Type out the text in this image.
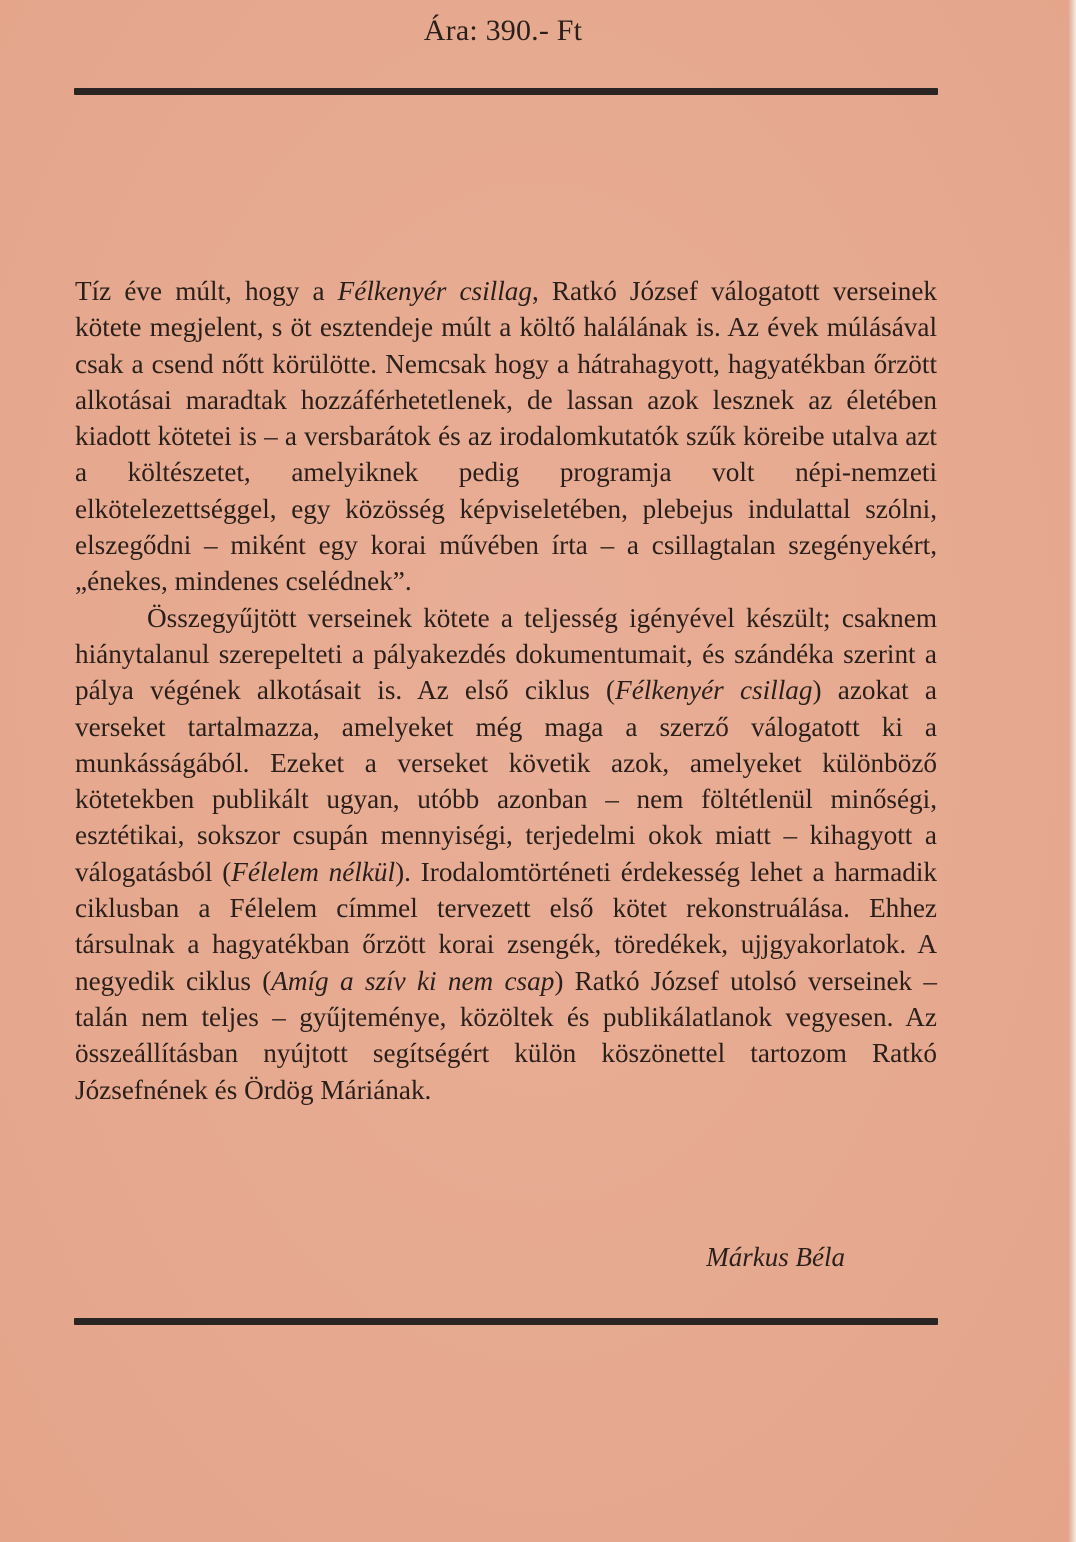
Ára: 390.- Ft

Tíz éve múlt, hogy a Félkenyér csillag, Ratkó József válogatott verseinek kötete megjelent, s öt esztendeje múlt a költő halálának is. Az évek múlásával csak a csend nőtt körülötte. Nemcsak hogy a hátrahagyott, hagyatékban őrzött alkotásai maradtak hozzáférhetetlenek, de lassan azok lesznek az életében kiadott kötetei is – a versbarátok és az irodalomkutatók szűk köreibe utalva azt a költészetet, amelyiknek pedig programja volt népi-nemzeti elkötelezettséggel, egy közösség képviseletében, plebejus indulattal szólni, elszegődni – miként egy korai művében írta – a csillagtalan szegényekért, „énekes, mindenes cselédnek”.

Összegyűjtött verseinek kötete a teljesség igényével készült; csaknem hiánytalanul szerepelteti a pályakezdés dokumentumait, és szándéka szerint a pálya végének alkotásait is. Az első ciklus (Félkenyér csillag) azokat a verseket tartalmazza, amelyeket még maga a szerző válogatott ki a munkásságából. Ezeket a verseket követik azok, amelyeket különböző kötetekben publikált ugyan, utóbb azonban – nem föltétlenül minőségi, esztétikai, sokszor csupán mennyiségi, terjedelmi okok miatt – kihagyott a válogatásból (Félelem nélkül). Irodalomtörténeti érdekesség lehet a harmadik ciklusban a Félelem címmel tervezett első kötet rekonstruálása. Ehhez társulnak a hagyatékban őrzött korai zsengék, töredékek, ujjgyakorlatok. A negyedik ciklus (Amíg a szív ki nem csap) Ratkó József utolsó verseinek – talán nem teljes – gyűjteménye, közöltek és publikálatlanok vegyesen. Az összeállításban nyújtott segítségért külön köszönettel tartozom Ratkó Józsefnének és Ördög Máriának.

Márkus Béla
